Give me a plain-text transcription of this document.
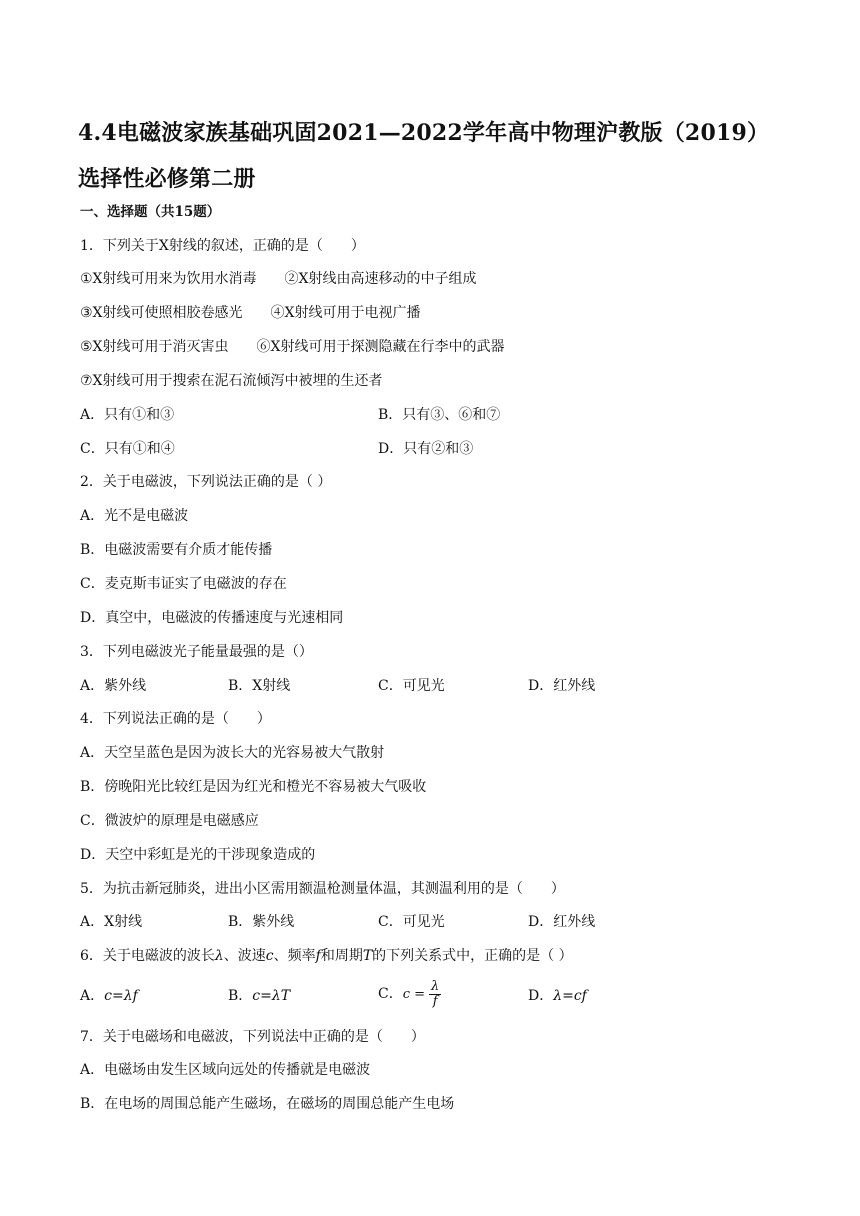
4.4电磁波家族基础巩固2021—2022学年高中物理沪教版（2019）选择性必修第二册
一、选择题（共15题）
1．下列关于X射线的叙述，正确的是（　　）
①X射线可用来为饮用水消毒　　②X射线由高速移动的中子组成
③X射线可使照相胶卷感光　　④X射线可用于电视广播
⑤X射线可用于消灭害虫　　⑥X射线可用于探测隐藏在行李中的武器
⑦X射线可用于搜索在泥石流倾泻中被埋的生还者
A．只有①和③	B．只有③、⑥和⑦
C．只有①和④	D．只有②和③
2．关于电磁波，下列说法正确的是（ ）
A．光不是电磁波
B．电磁波需要有介质才能传播
C．麦克斯韦证实了电磁波的存在
D．真空中，电磁波的传播速度与光速相同
3．下列电磁波光子能量最强的是（）
A．紫外线	B．X射线	C．可见光	D．红外线
4．下列说法正确的是（　　）
A．天空呈蓝色是因为波长大的光容易被大气散射
B．傍晚阳光比较红是因为红光和橙光不容易被大气吸收
C．微波炉的原理是电磁感应
D．天空中彩虹是光的干涉现象造成的
5．为抗击新冠肺炎，进出小区需用额温枪测量体温，其测温利用的是（　　）
A．X射线	B．紫外线	C．可见光	D．红外线
6．关于电磁波的波长λ、波速c、频率f和周期T的下列关系式中，正确的是（ ）
A．c=λf	B．c=λT	C．$c = \frac{\lambda}{f}$	D．λ=cf
7．关于电磁场和电磁波，下列说法中正确的是（　　）
A．电磁场由发生区域向远处的传播就是电磁波
B．在电场的周围总能产生磁场，在磁场的周围总能产生电场
